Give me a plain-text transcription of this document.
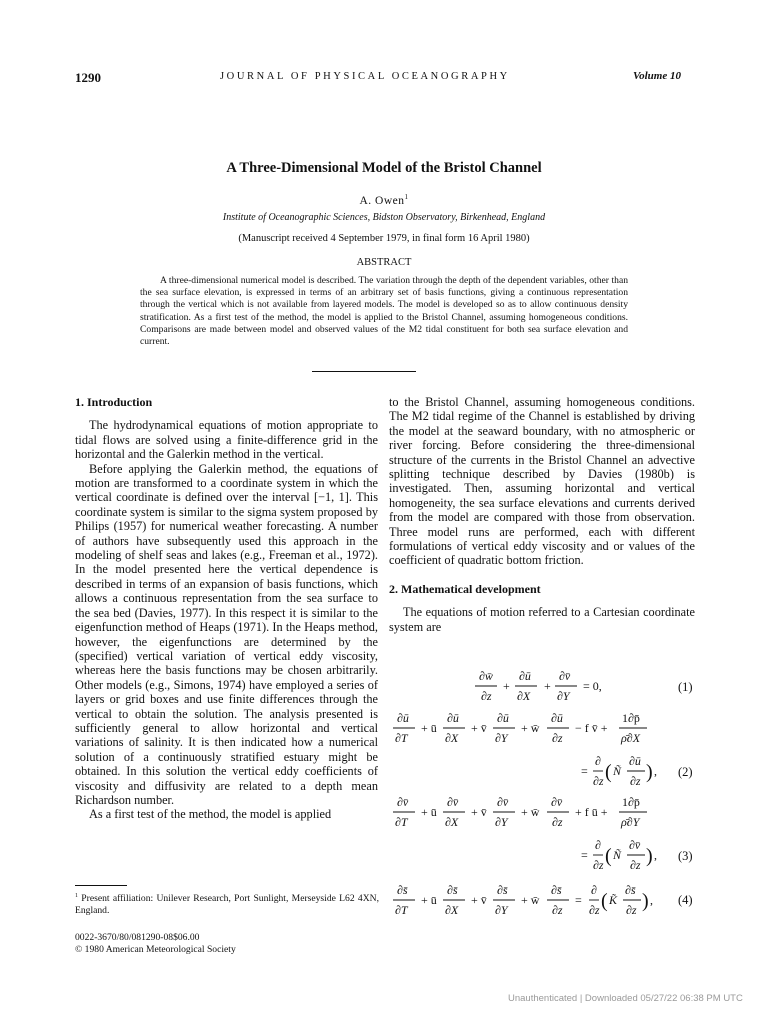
1290	JOURNAL OF PHYSICAL OCEANOGRAPHY	Volume 10
A Three-Dimensional Model of the Bristol Channel
A. Owen$^1$
Institute of Oceanographic Sciences, Bidston Observatory, Birkenhead, England
(Manuscript received 4 September 1979, in final form 16 April 1980)
ABSTRACT

A three-dimensional numerical model is described. The variation through the depth of the dependent variables, other than the sea surface elevation, is expressed in terms of an arbitrary set of basis functions, giving a continuous representation through the vertical which is not available from layered models. The model is developed so as to allow continuous density stratification. As a first test of the method, the model is applied to the Bristol Channel, assuming homogeneous conditions. Comparisons are made between model and observed values of the M2 tidal constituent for both sea surface elevation and current.

1. Introduction

The hydrodynamical equations of motion appropriate to tidal flows are solved using a finite-difference grid in the horizontal and the Galerkin method in the vertical.

Before applying the Galerkin method, the equations of motion are transformed to a coordinate system in which the vertical coordinate is defined over the interval [−1, 1]. This coordinate system is similar to the sigma system proposed by Philips (1957) for numerical weather forecasting. A number of authors have subsequently used this approach in the modeling of shelf seas and lakes (e.g., Freeman et al., 1972). In the model presented here the vertical dependence is described in terms of an expansion of basis functions, which allows a continuous representation from the sea surface to the sea bed (Davies, 1977). In this respect it is similar to the eigenfunction method of Heaps (1971). In the Heaps method, however, the eigenfunctions are determined by the (specified) vertical variation of vertical eddy viscosity, whereas here the basis functions may be chosen arbitrarily. Other models (e.g., Simons, 1974) have employed a series of layers or grid boxes and use finite differences through the vertical to obtain the solution. The analysis presented is sufficiently general to allow horizontal and vertical variations of salinity. It is then indicated how a numerical solution of a continuously stratified estuary might be obtained. In this solution the vertical eddy coefficients of viscosity and diffusivity are related to a depth mean Richardson number.

As a first test of the method, the model is applied

to the Bristol Channel, assuming homogeneous conditions. The M2 tidal regime of the Channel is established by driving the model at the seaward boundary, with no atmospheric or river forcing. Before considering the three-dimensional structure of the currents in the Bristol Channel an advective splitting technique described by Davies (1980b) is investigated. Then, assuming horizontal and vertical homogeneity, the sea surface elevations and currents derived from the model are compared with those from observation. Three model runs are performed, each with different formulations of vertical eddy viscosity and or values of the coefficient of quadratic bottom friction.

2. Mathematical development

The equations of motion referred to a Cartesian coordinate system are

∂w̄
∂z
+
∂ū
∂X
+
∂v̄
∂Y
= 0,
∂ū
∂T
+ ū
∂ū
∂X
+ v̄
∂ū
∂Y
+ w̄
∂ū
∂z
− f v̄ +
1∂p̄
ρ̄∂X
=
∂
∂z ( Ñ
∂ū
∂z ) ,
∂v̄
∂T
+ ū
∂v̄
∂X
+ v̄
∂v̄
∂Y
+ w̄
∂v̄
∂z
+ f ū +
1∂p̄
ρ̄∂Y
=
∂
∂z ( Ñ
∂v̄
∂z ) ,
∂s̄
∂T
+ ū
∂s̄
∂X
+ v̄
∂s̄
∂Y
+ w̄
∂s̄
∂z
=
∂
∂z ( K̃
∂s̄
∂z ) ,
(1)
(2)
(3)
(4)
$^1$ Present affiliation: Unilever Research, Port Sunlight, Merseyside L62 4XN, England.
0022-3670/80/081290-08$06.00
© 1980 American Meteorological Society
Unauthenticated | Downloaded 05/27/22 06:38 PM UTC
